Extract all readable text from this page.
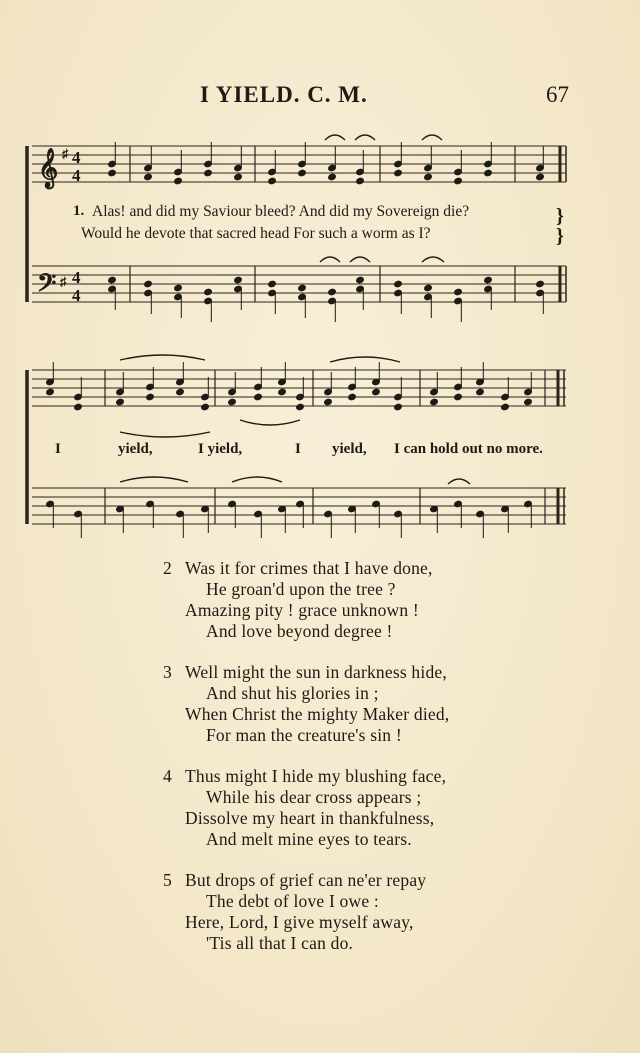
I YIELD. C. M.	67
𝄞
𝄢
4
4
4
4
♯
♯
}
}
1. Alas! and did my Saviour bleed? And did my Sovereign die?
Would he devote that sacred head For such a worm as I?
I	yield,	I yield,	I yield, I can hold out no more.
2 Was it for crimes that I have done,
He groan'd upon the tree ?
Amazing pity ! grace unknown !
And love beyond degree !
3 Well might the sun in darkness hide,
And shut his glories in ;
When Christ the mighty Maker died,
For man the creature's sin !
4 Thus might I hide my blushing face,
While his dear cross appears ;
Dissolve my heart in thankfulness,
And melt mine eyes to tears.
5 But drops of grief can ne'er repay
The debt of love I owe :
Here, Lord, I give myself away,
'Tis all that I can do.
